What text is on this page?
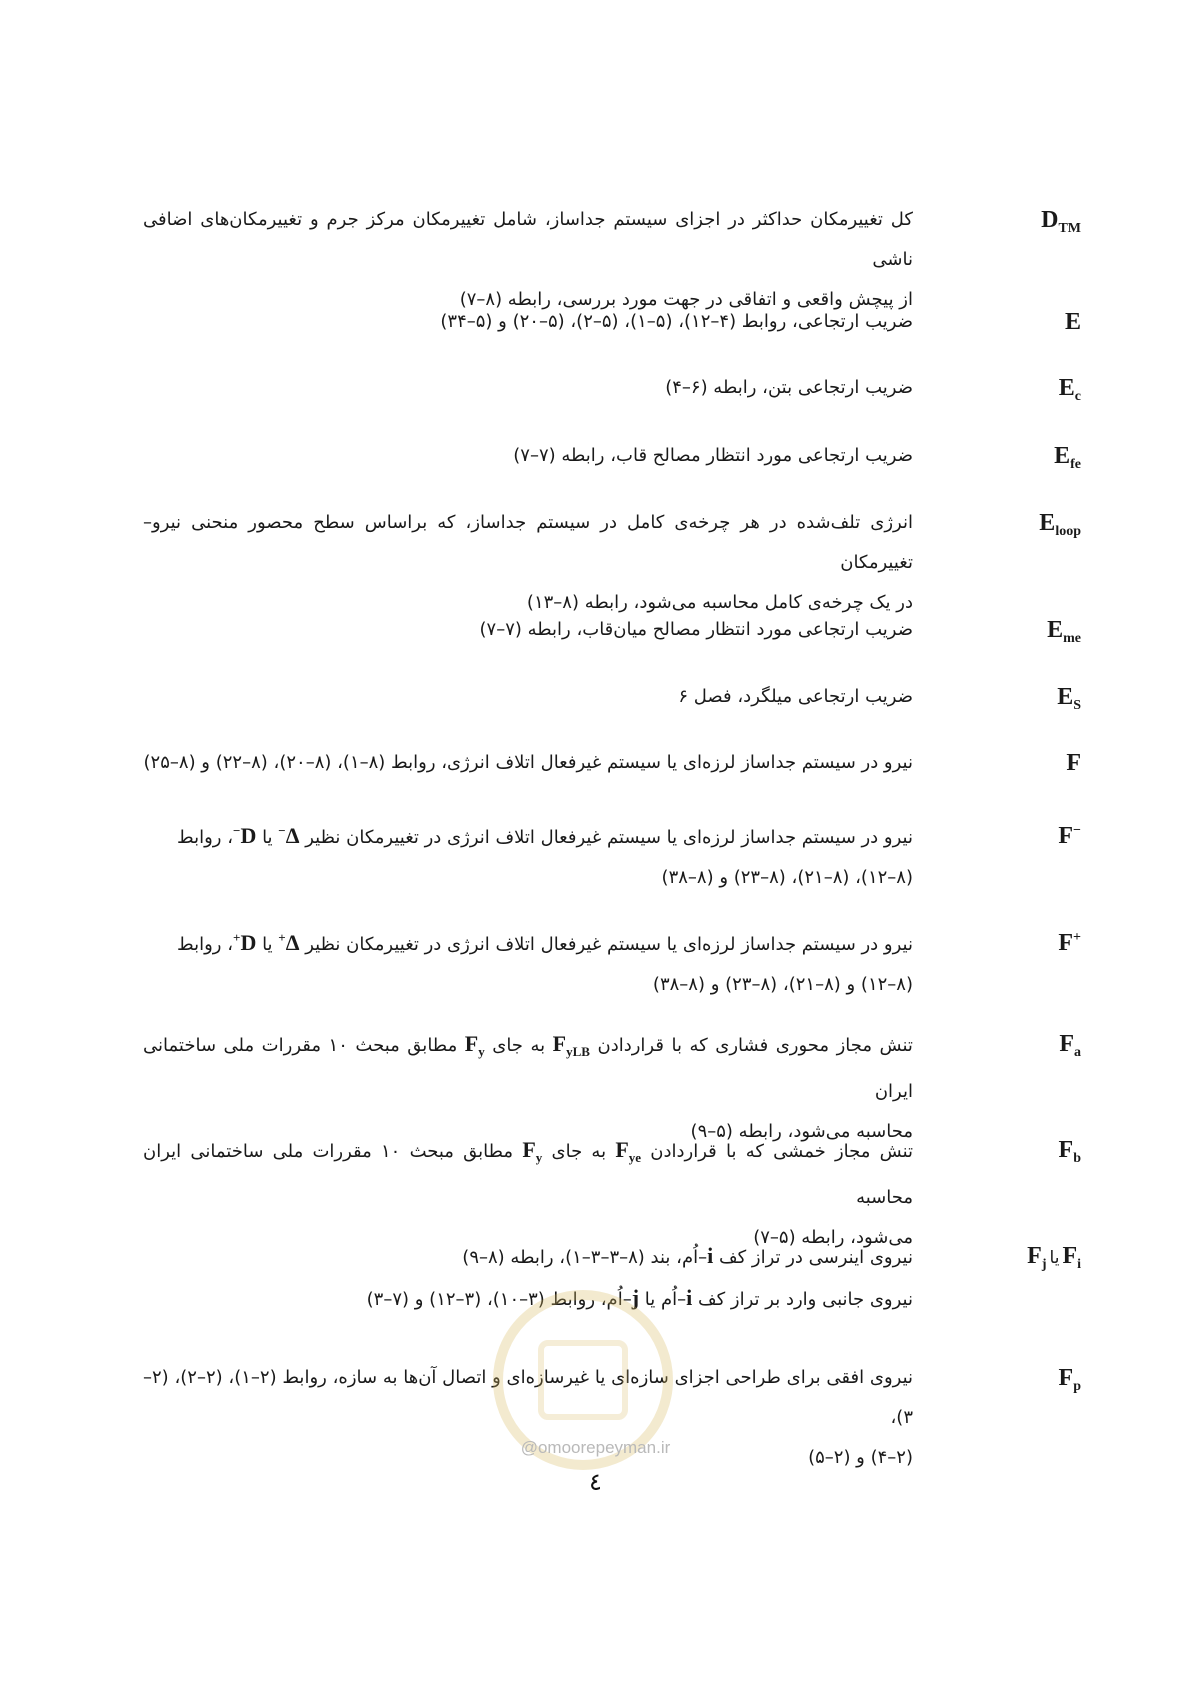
$D_{TM}$
کل تغییرمکان حداکثر در اجزای سیستم جداساز، شامل تغییرمکان مرکز جرم و تغییرمکان‌های اضافی ناشی
از پیچش واقعی و اتفاقی در جهت مورد بررسی، رابطه (۸–۷)
E
ضریب ارتجاعی، روابط (۴–۱۲)، (۵–۱)، (۵–۲)، (۵–۲۰) و (۵–۳۴)
$E_c$
ضریب ارتجاعی بتن، رابطه (۶–۴)
$E_{fe}$
ضریب ارتجاعی مورد انتظار مصالح قاب، رابطه (۷–۷)
$E_{loop}$
انرژی تلف‌شده در هر چرخه‌ی کامل در سیستم جداساز، که براساس سطح محصور منحنی نیرو– تغییرمکان
در یک چرخه‌ی کامل محاسبه می‌شود، رابطه (۸–۱۳)
$E_{me}$
ضریب ارتجاعی مورد انتظار مصالح میان‌قاب، رابطه (۷–۷)
$E_S$
ضریب ارتجاعی میلگرد، فصل ۶
F
نیرو در سیستم جداساز لرزه‌ای یا سیستم غیرفعال اتلاف انرژی، روابط (۸–۱)، (۸–۲۰)، (۸–۲۲) و (۸–۲۵)
F−
نیرو در سیستم جداساز لرزه‌ای یا سیستم غیرفعال اتلاف انرژی در تغییرمکان نظیر Δ− یا D−، روابط
(۸–۱۲)، (۸–۲۱)، (۸–۲۳) و (۸–۳۸)
F+
نیرو در سیستم جداساز لرزه‌ای یا سیستم غیرفعال اتلاف انرژی در تغییرمکان نظیر Δ+ یا D+، روابط
(۸–۱۲) و (۸–۲۱)، (۸–۲۳) و (۸–۳۸)
$F_a$
تنش مجاز محوری فشاری که با قراردادن $F_{yLB}$ به جای $F_y$ مطابق مبحث ۱۰ مقررات ملی ساختمانی ایران
محاسبه می‌شود، رابطه (۵–۹)
$F_b$
تنش مجاز خمشی که با قراردادن $F_{ye}$ به جای $F_y$ مطابق مبحث ۱۰ مقررات ملی ساختمانی ایران محاسبه
می‌شود، رابطه (۵–۷)
$F_j$ یا $F_i$
نیروی اینرسی در تراز کف i–اُم، بند (۸–۳–۳–۱)، رابطه (۸–۹)
نیروی جانبی وارد بر تراز کف i–اُم یا j–اُم، روابط (۳–۱۰)، (۳–۱۲) و (۷–۳)
$F_p$
نیروی افقی برای طراحی اجزای سازه‌ای یا غیرسازه‌ای و اتصال آن‌ها به سازه، روابط (۲–۱)، (۲–۲)، (۲–۳)،
(۲–۴) و (۲–۵)
@omoorepeyman.ir
٤
